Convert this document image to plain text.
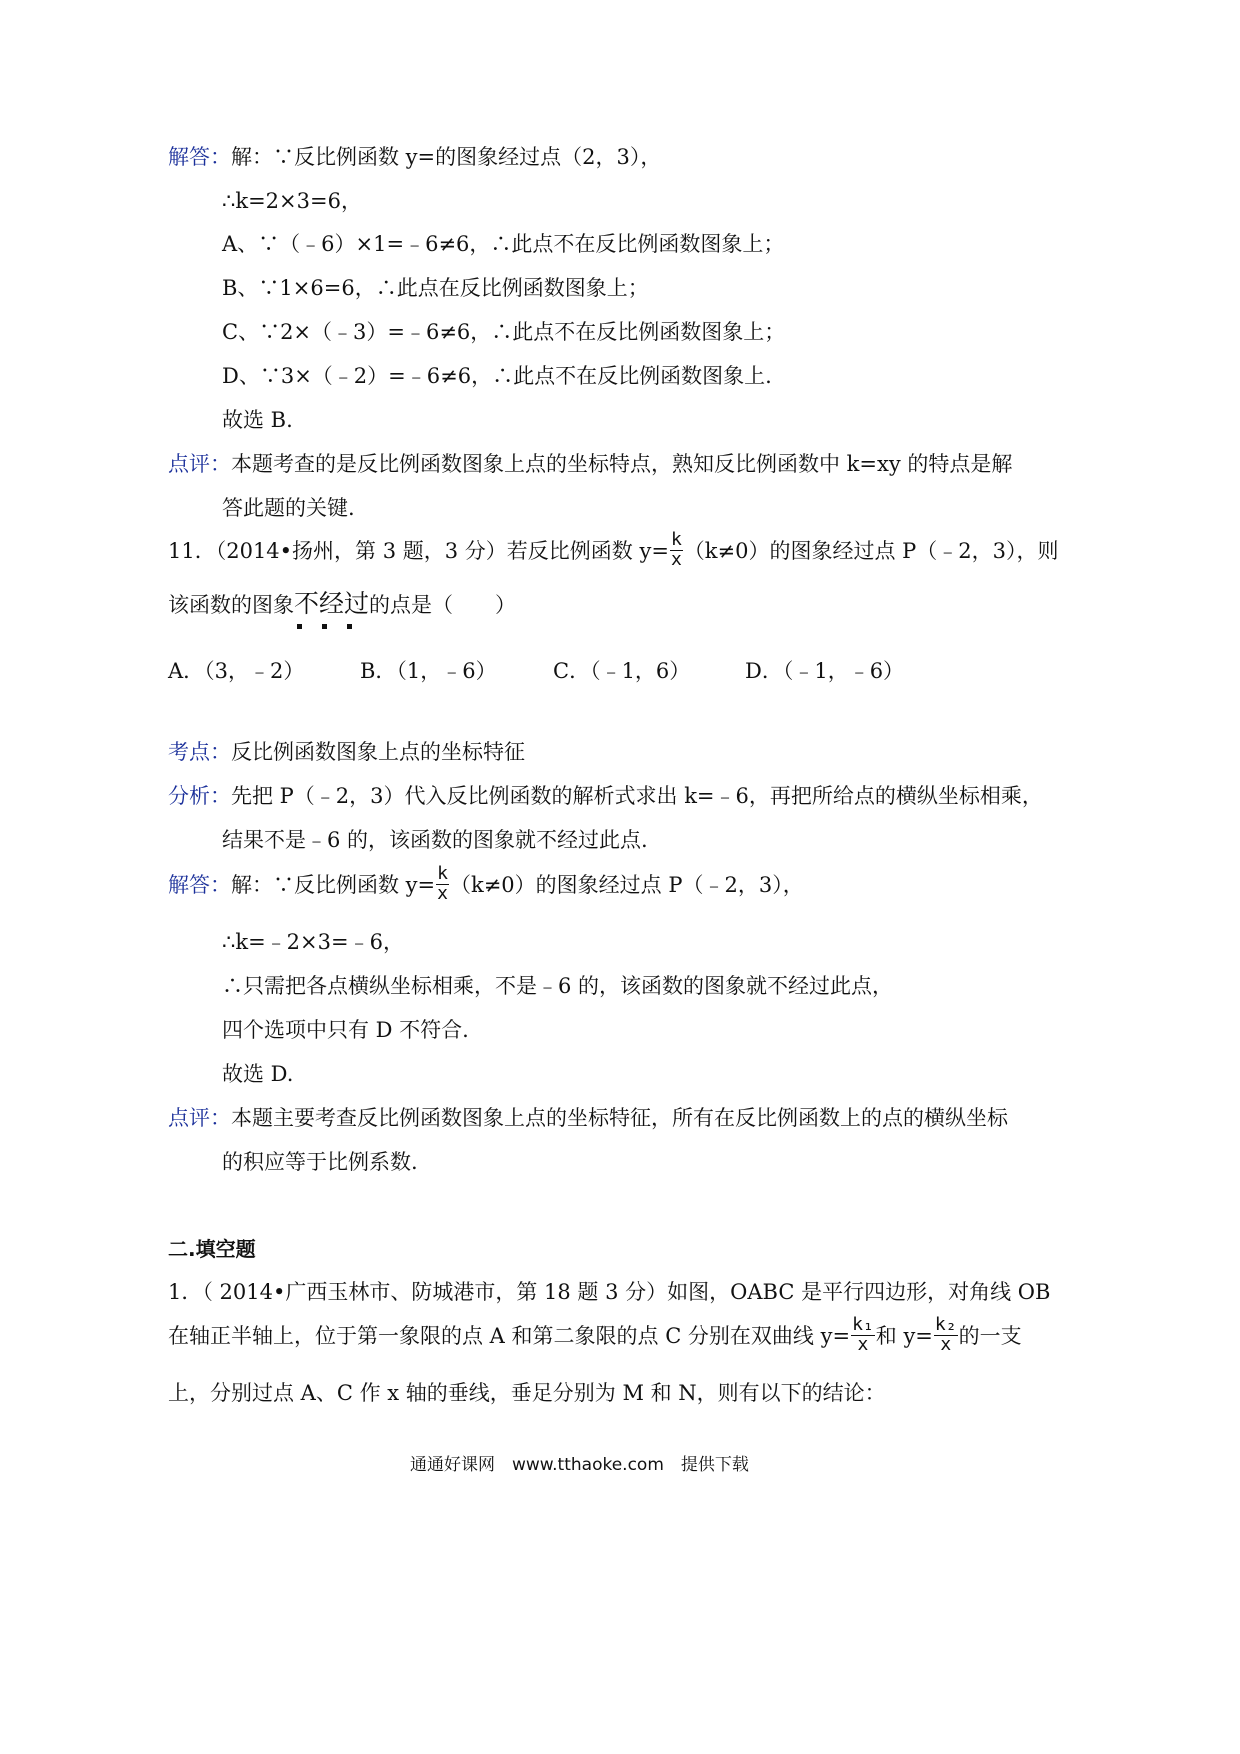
解答：解：∵反比例函数 y=的图象经过点（2，3），
∴k=2×3=6，
A、∵（﹣6）×1=﹣6≠6，∴此点不在反比例函数图象上；
B、∵1×6=6，∴此点在反比例函数图象上；
C、∵2×（﹣3）=﹣6≠6，∴此点不在反比例函数图象上；
D、∵3×（﹣2）=﹣6≠6，∴此点不在反比例函数图象上.
故选 B.
点评：本题考查的是反比例函数图象上点的坐标特点，熟知反比例函数中 k=xy 的特点是解
答此题的关键.
11．（2014•扬州，第 3 题，3 分）若反比例函数 $y= \frac{k}{x} (k\ne 0)$的图象经过点 P（﹣2，3），则
该函数的图象不经过的点是（　　）
A．（3，﹣2）	B．（1，﹣6）	C．（﹣1，6）	D．（﹣1，﹣6）
考点：反比例函数图象上点的坐标特征
分析：先把 P（﹣2，3）代入反比例函数的解析式求出 k=﹣6，再把所给点的横纵坐标相乘，
结果不是﹣6 的，该函数的图象就不经过此点.
解答：解：∵反比例函数 $y= \frac{k}{x} (k\ne 0)$的图象经过点 P（﹣2，3），
∴k=﹣2×3=﹣6，
∴只需把各点横纵坐标相乘，不是﹣6 的，该函数的图象就不经过此点，
四个选项中只有 D 不符合.
故选 D.
点评：本题主要考查反比例函数图象上点的坐标特征，所有在反比例函数上的点的横纵坐标
的积应等于比例系数.
二.填空题
1．（ 2014•广西玉林市、防城港市，第 18 题 3 分）如图，OABC 是平行四边形，对角线 OB
在轴正半轴上，位于第一象限的点 A 和第二象限的点 C 分别在双曲线 $y= \frac{\text{k₁}}{x}$ 和 $y= \frac{\text{k₂}}{x}$ 的一支
上，分别过点 A、C 作 x 轴的垂线，垂足分别为 M 和 N，则有以下的结论：
通通好课网　www.tthaoke.com　提供下载
